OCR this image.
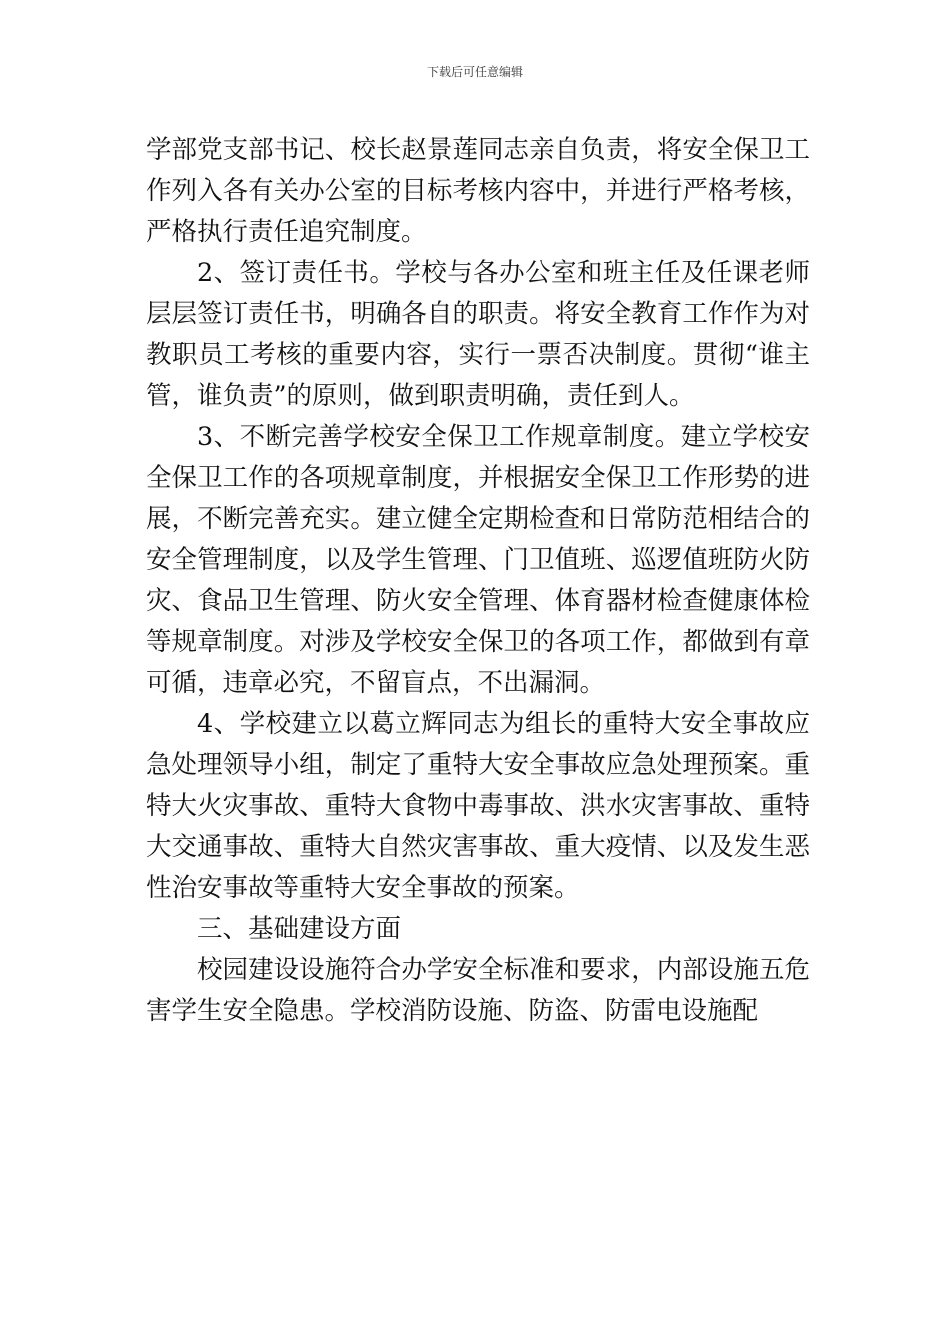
下载后可任意编辑

学部党支部书记、校长赵景莲同志亲自负责，将安全保卫工作列入各有关办公室的目标考核内容中，并进行严格考核，严格执行责任追究制度。

2、签订责任书。学校与各办公室和班主任及任课老师层层签订责任书，明确各自的职责。将安全教育工作作为对教职员工考核的重要内容，实行一票否决制度。贯彻“谁主管，谁负责”的原则，做到职责明确，责任到人。

3、不断完善学校安全保卫工作规章制度。建立学校安全保卫工作的各项规章制度，并根据安全保卫工作形势的进展，不断完善充实。建立健全定期检查和日常防范相结合的安全管理制度，以及学生管理、门卫值班、巡逻值班防火防灾、食品卫生管理、防火安全管理、体育器材检查健康体检等规章制度。对涉及学校安全保卫的各项工作，都做到有章可循，违章必究，不留盲点，不出漏洞。

4、学校建立以葛立辉同志为组长的重特大安全事故应急处理领导小组，制定了重特大安全事故应急处理预案。重特大火灾事故、重特大食物中毒事故、洪水灾害事故、重特大交通事故、重特大自然灾害事故、重大疫情、以及发生恶性治安事故等重特大安全事故的预案。

三、基础建设方面

校园建设设施符合办学安全标准和要求，内部设施五危害学生安全隐患。学校消防设施、防盗、防雷电设施配
